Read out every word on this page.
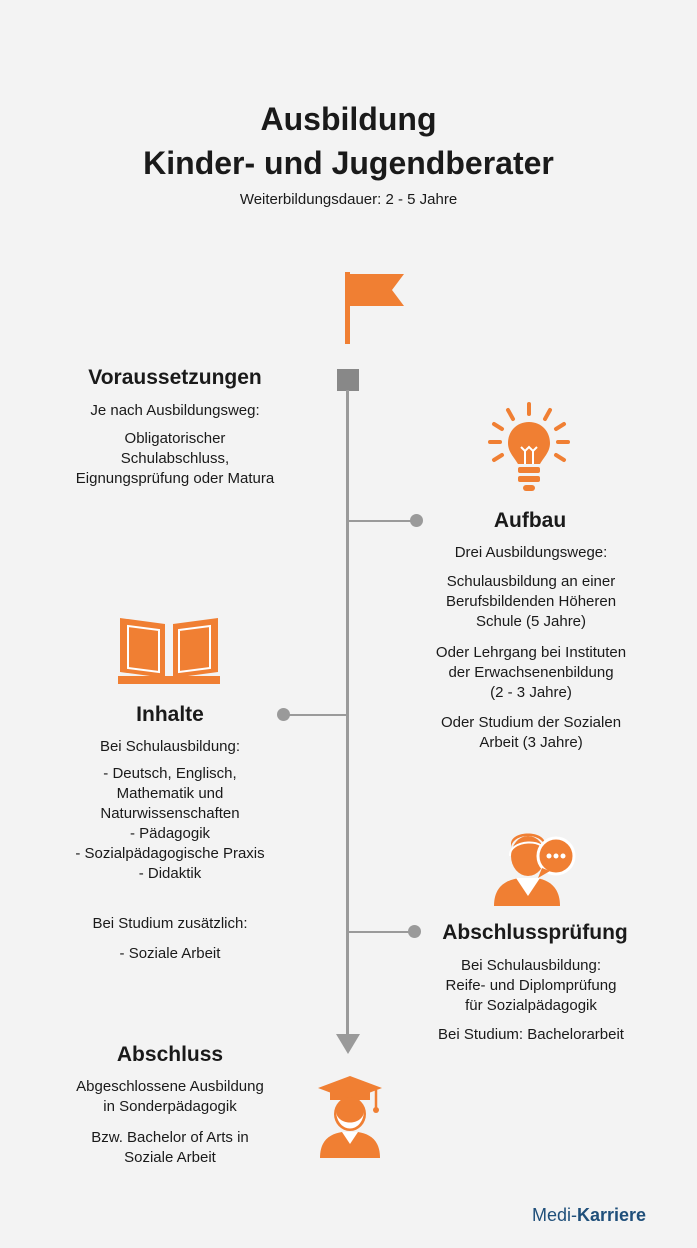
Ausbildung
Kinder- und Jugendberater
Weiterbildungsdauer: 2 - 5 Jahre
Voraussetzungen
Je nach Ausbildungsweg:
Obligatorischer
Schulabschluss,
Eignungsprüfung oder Matura
Aufbau
Drei Ausbildungswege:
Schulausbildung an einer
Berufsbildenden Höheren
Schule (5 Jahre)
Oder Lehrgang bei Instituten
der Erwachsenenbildung
(2 - 3 Jahre)
Oder Studium der Sozialen
Arbeit (3 Jahre)
Inhalte
Bei Schulausbildung:
- Deutsch, Englisch,
Mathematik und
Naturwissenschaften
- Pädagogik
- Sozialpädagogische Praxis
- Didaktik
Bei Studium zusätzlich:
- Soziale Arbeit
Abschlussprüfung
Bei Schulausbildung:
Reife- und Diplomprüfung
für Sozialpädagogik
Bei Studium: Bachelorarbeit
Abschluss
Abgeschlossene Ausbildung
in Sonderpädagogik
Bzw. Bachelor of Arts in
Soziale Arbeit
Medi-Karriere
